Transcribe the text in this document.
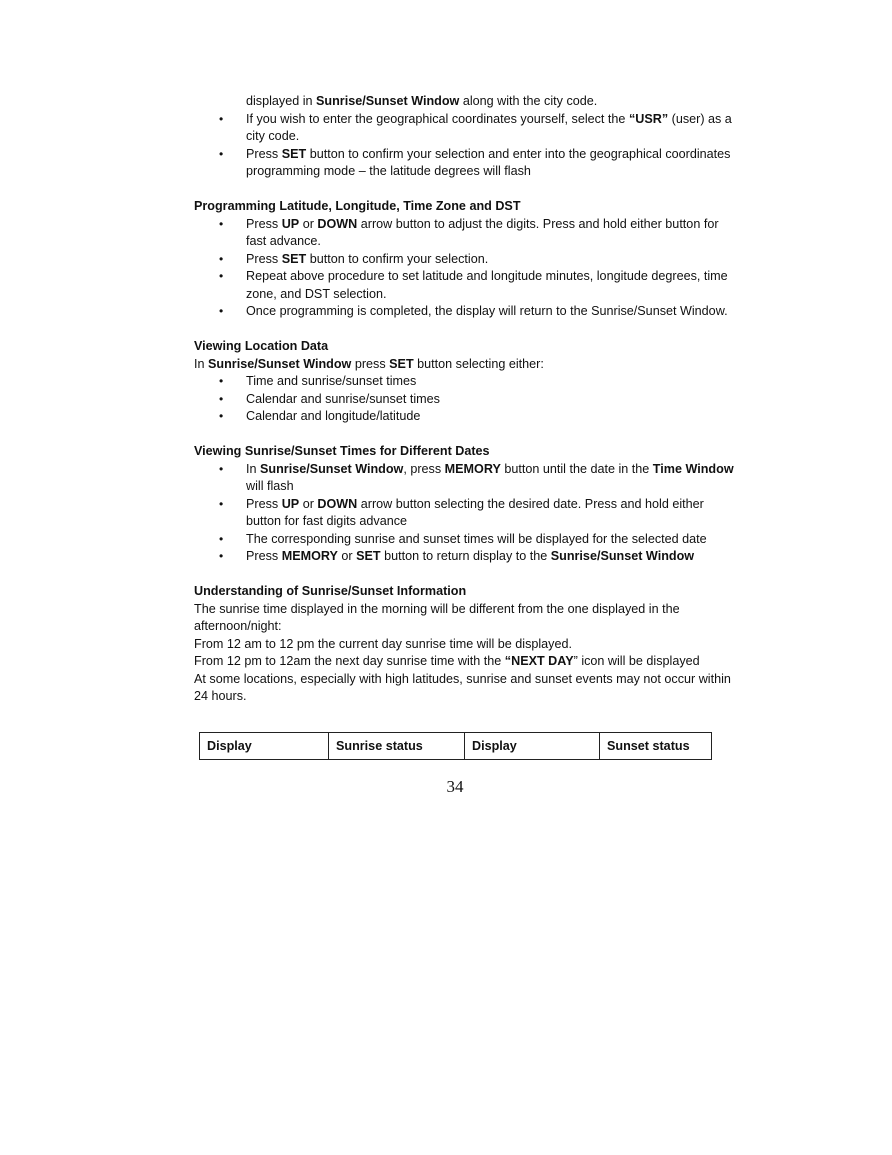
displayed in Sunrise/Sunset Window along with the city code.
• If you wish to enter the geographical coordinates yourself, select the “USR” (user) as a city code.
• Press SET button to confirm your selection and enter into the geographical coordinates programming mode – the latitude degrees will flash
Programming Latitude, Longitude, Time Zone and DST
• Press UP or DOWN arrow button to adjust the digits. Press and hold either button for fast advance.
• Press SET button to confirm your selection.
• Repeat above procedure to set latitude and longitude minutes, longitude degrees, time zone, and DST selection.
• Once programming is completed, the display will return to the Sunrise/Sunset Window.
Viewing Location Data

In Sunrise/Sunset Window press SET button selecting either:

• Time and sunrise/sunset times
• Calendar and sunrise/sunset times
• Calendar and longitude/latitude
Viewing Sunrise/Sunset Times for Different Dates
• In Sunrise/Sunset Window, press MEMORY button until the date in the Time Window will flash
• Press UP or DOWN arrow button selecting the desired date. Press and hold either button for fast digits advance
• The corresponding sunrise and sunset times will be displayed for the selected date
• Press MEMORY or SET button to return display to the Sunrise/Sunset Window
Understanding of Sunrise/Sunset Information

The sunrise time displayed in the morning will be different from the one displayed in the afternoon/night:

From 12 am to 12 pm the current day sunrise time will be displayed.

From 12 pm to 12am the next day sunrise time with the “NEXT DAY” icon will be displayed

At some locations, especially with high latitudes, sunrise and sunset events may not occur within 24 hours.

Display	Sunrise status	Display	Sunset status
34
